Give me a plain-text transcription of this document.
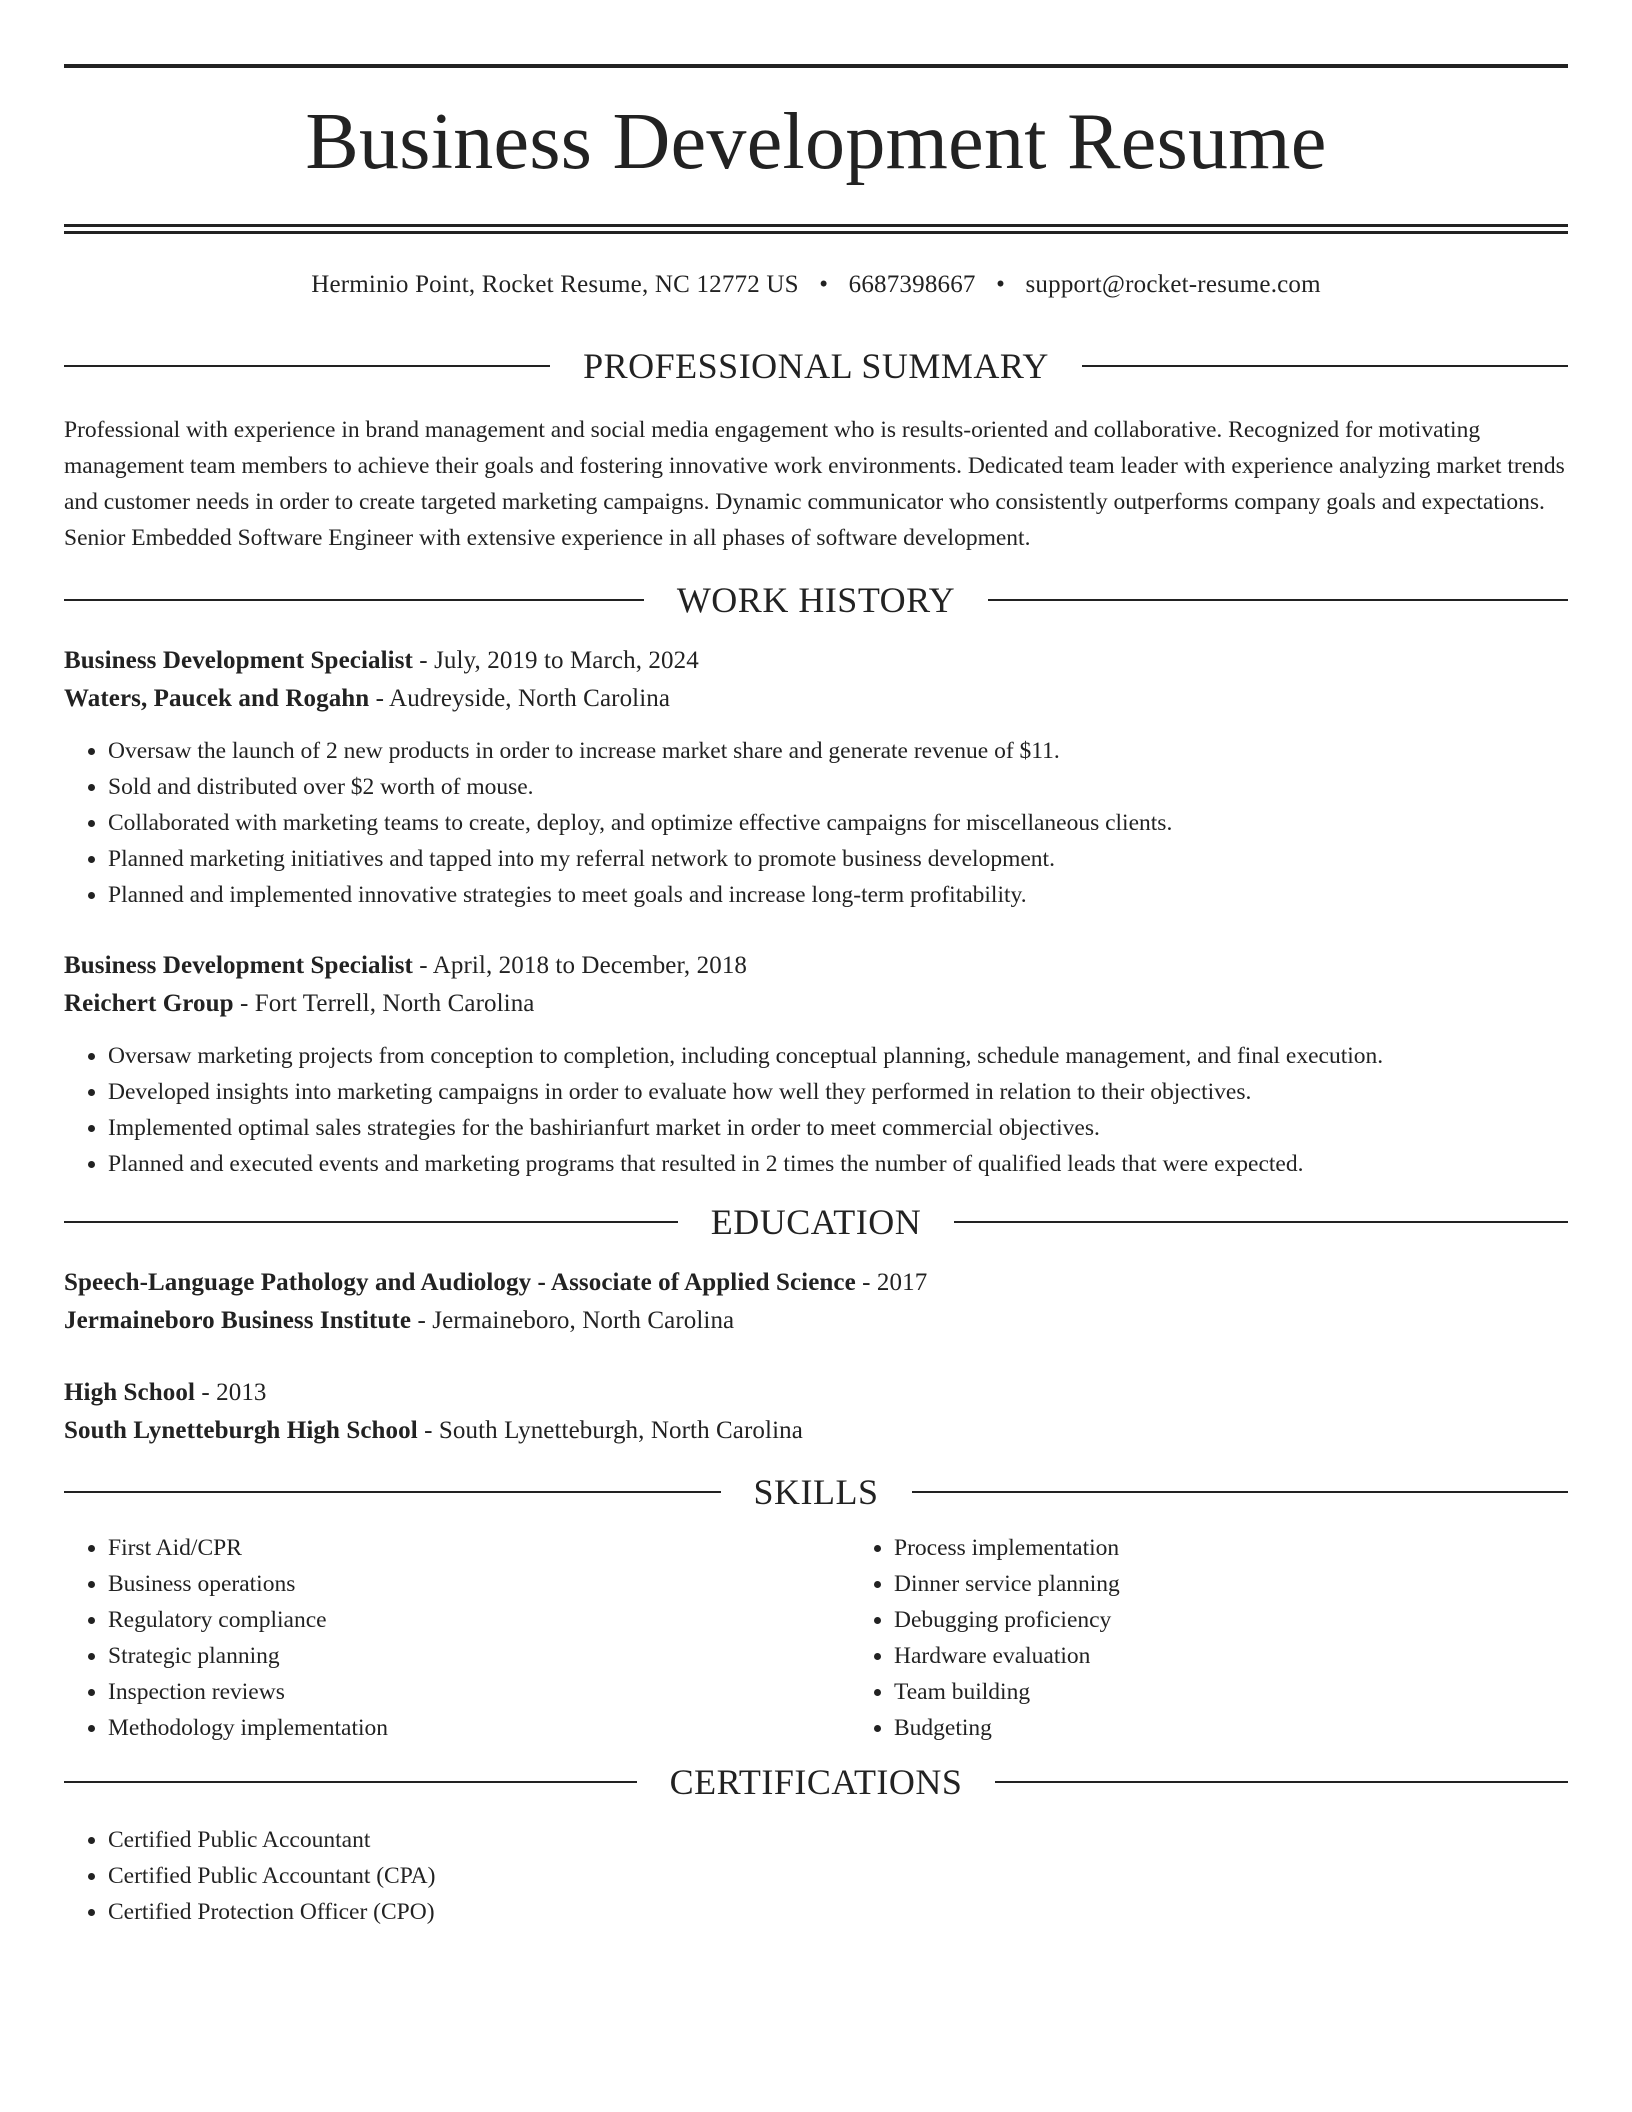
Business Development Resume
Herminio Point, Rocket Resume, NC 12772 US • 6687398667 • support@rocket-resume.com
PROFESSIONAL SUMMARY

Professional with experience in brand management and social media engagement who is results-oriented and collaborative. Recognized for motivating management team members to achieve their goals and fostering innovative work environments. Dedicated team leader with experience analyzing market trends and customer needs in order to create targeted marketing campaigns. Dynamic communicator who consistently outperforms company goals and expectations. Senior Embedded Software Engineer with extensive experience in all phases of software development.

WORK HISTORY
Business Development Specialist - July, 2019 to March, 2024
Waters, Paucek and Rogahn - Audreyside, North Carolina
• Oversaw the launch of 2 new products in order to increase market share and generate revenue of $11.
• Sold and distributed over $2 worth of mouse.
• Collaborated with marketing teams to create, deploy, and optimize effective campaigns for miscellaneous clients.
• Planned marketing initiatives and tapped into my referral network to promote business development.
• Planned and implemented innovative strategies to meet goals and increase long-term profitability.
Business Development Specialist - April, 2018 to December, 2018
Reichert Group - Fort Terrell, North Carolina
• Oversaw marketing projects from conception to completion, including conceptual planning, schedule management, and final execution.
• Developed insights into marketing campaigns in order to evaluate how well they performed in relation to their objectives.
• Implemented optimal sales strategies for the bashirianfurt market in order to meet commercial objectives.
• Planned and executed events and marketing programs that resulted in 2 times the number of qualified leads that were expected.
EDUCATION
Speech-Language Pathology and Audiology - Associate of Applied Science - 2017
Jermaineboro Business Institute - Jermaineboro, North Carolina
High School - 2013
South Lynetteburgh High School - South Lynetteburgh, North Carolina
SKILLS
• First Aid/CPR
• Business operations
• Regulatory compliance
• Strategic planning
• Inspection reviews
• Methodology implementation
• Process implementation
• Dinner service planning
• Debugging proficiency
• Hardware evaluation
• Team building
• Budgeting
CERTIFICATIONS
• Certified Public Accountant
• Certified Public Accountant (CPA)
• Certified Protection Officer (CPO)
